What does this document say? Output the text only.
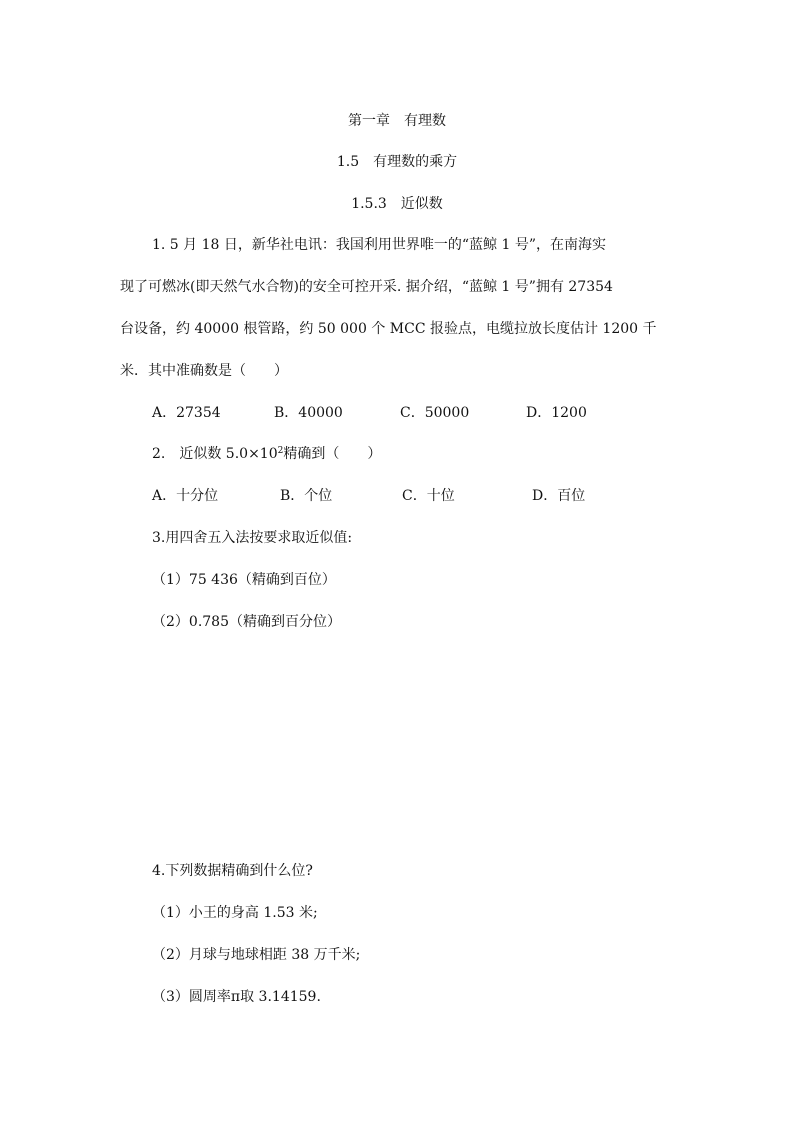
第一章　有理数
1.5　有理数的乘方
1.5.3　近似数
1. 5 月 18 日，新华社电讯：我国利用世界唯一的“蓝鲸 1 号”，在南海实
现了可燃冰(即天然气水合物)的安全可控开采. 据介绍，“蓝鲸 1 号”拥有 27354
台设备，约 40000 根管路，约 50 000 个 MCC 报验点，电缆拉放长度估计 1200 千
米．其中准确数是（　　）
A．27354	B．40000	C．50000	D．1200
2.　近似数 $5.0\times 10^2$精确到（　　）
A．十分位	B．个位	C．十位	D．百位
3.用四舍五入法按要求取近似值:
（1）75 436（精确到百位）
（2）0.785（精确到百分位）
4.下列数据精确到什么位?
（1）小王的身高 1.53 米;
（2）月球与地球相距 38 万千米;
（3）圆周率π取 3.14159.
